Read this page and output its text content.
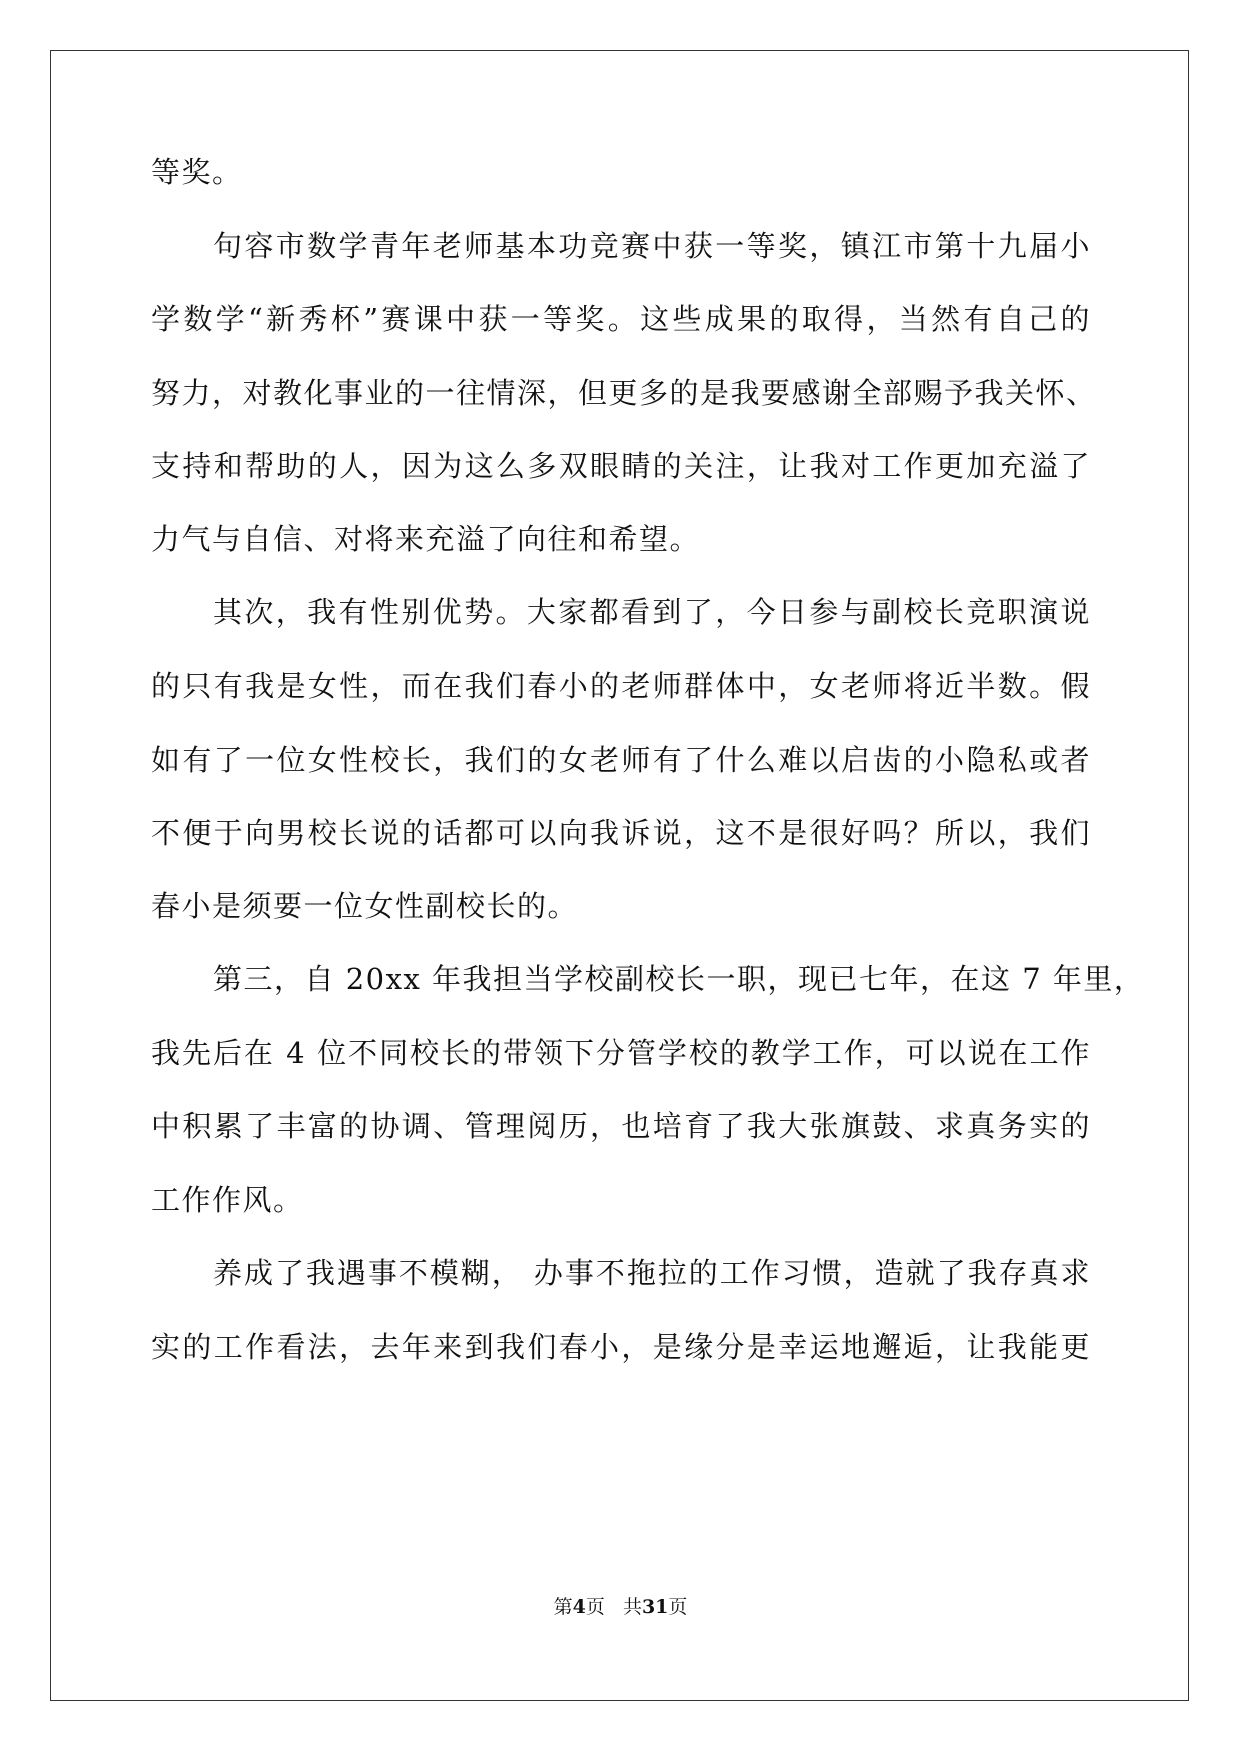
等奖。
句容市数学青年老师基本功竞赛中获一等奖，镇江市第十九届小
学数学“新秀杯”赛课中获一等奖。这些成果的取得，当然有自己的
努力，对教化事业的一往情深，但更多的是我要感谢全部赐予我关怀、
支持和帮助的人，因为这么多双眼睛的关注，让我对工作更加充溢了
力气与自信、对将来充溢了向往和希望。
其次，我有性别优势。大家都看到了，今日参与副校长竞职演说
的只有我是女性，而在我们春小的老师群体中，女老师将近半数。假
如有了一位女性校长，我们的女老师有了什么难以启齿的小隐私或者
不便于向男校长说的话都可以向我诉说，这不是很好吗？所以，我们
春小是须要一位女性副校长的。
第三，自 20xx 年我担当学校副校长一职，现已七年，在这 7 年里，
我先后在 4 位不同校长的带领下分管学校的教学工作，可以说在工作
中积累了丰富的协调、管理阅历，也培育了我大张旗鼓、求真务实的
工作作风。
养成了我遇事不模糊， 办事不拖拉的工作习惯，造就了我存真求
实的工作看法，去年来到我们春小，是缘分是幸运地邂逅，让我能更
第4页   共31页
